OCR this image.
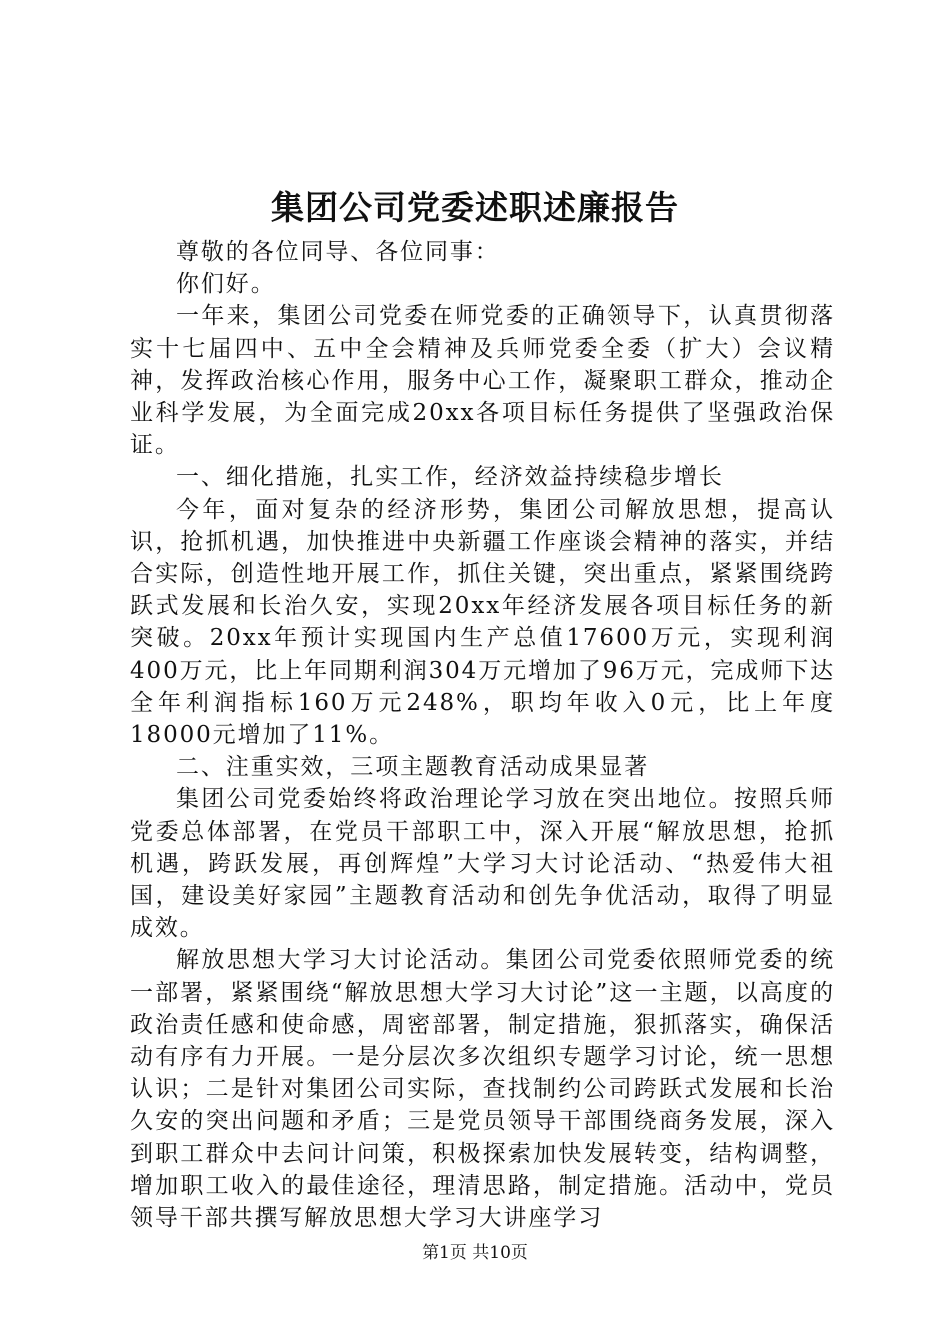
集团公司党委述职述廉报告

尊敬的各位同导、各位同事：

你们好。

一年来，集团公司党委在师党委的正确领导下，认真贯彻落实十七届四中、五中全会精神及兵师党委全委（扩大）会议精神，发挥政治核心作用，服务中心工作，凝聚职工群众，推动企业科学发展，为全面完成20xx各项目标任务提供了坚强政治保证。

一、细化措施，扎实工作，经济效益持续稳步增长

今年，面对复杂的经济形势，集团公司解放思想，提高认识，抢抓机遇，加快推进中央新疆工作座谈会精神的落实，并结合实际，创造性地开展工作，抓住关键，突出重点，紧紧围绕跨跃式发展和长治久安，实现20xx年经济发展各项目标任务的新突破。20xx年预计实现国内生产总值17600万元，实现利润400万元，比上年同期利润304万元增加了96万元，完成师下达全年利润指标160万元248%，职均年收入0元，比上年度18000元增加了11%。

二、注重实效，三项主题教育活动成果显著

集团公司党委始终将政治理论学习放在突出地位。按照兵师党委总体部署，在党员干部职工中，深入开展“解放思想，抢抓机遇，跨跃发展，再创辉煌”大学习大讨论活动、“热爱伟大祖国，建设美好家园”主题教育活动和创先争优活动，取得了明显成效。

解放思想大学习大讨论活动。集团公司党委依照师党委的统一部署，紧紧围绕“解放思想大学习大讨论”这一主题，以高度的政治责任感和使命感，周密部署，制定措施，狠抓落实，确保活动有序有力开展。一是分层次多次组织专题学习讨论，统一思想认识；二是针对集团公司实际，查找制约公司跨跃式发展和长治久安的突出问题和矛盾；三是党员领导干部围绕商务发展，深入到职工群众中去问计问策，积极探索加快发展转变，结构调整，增加职工收入的最佳途径，理清思路，制定措施。活动中，党员领导干部共撰写解放思想大学习大讲座学习

第1页 共10页
